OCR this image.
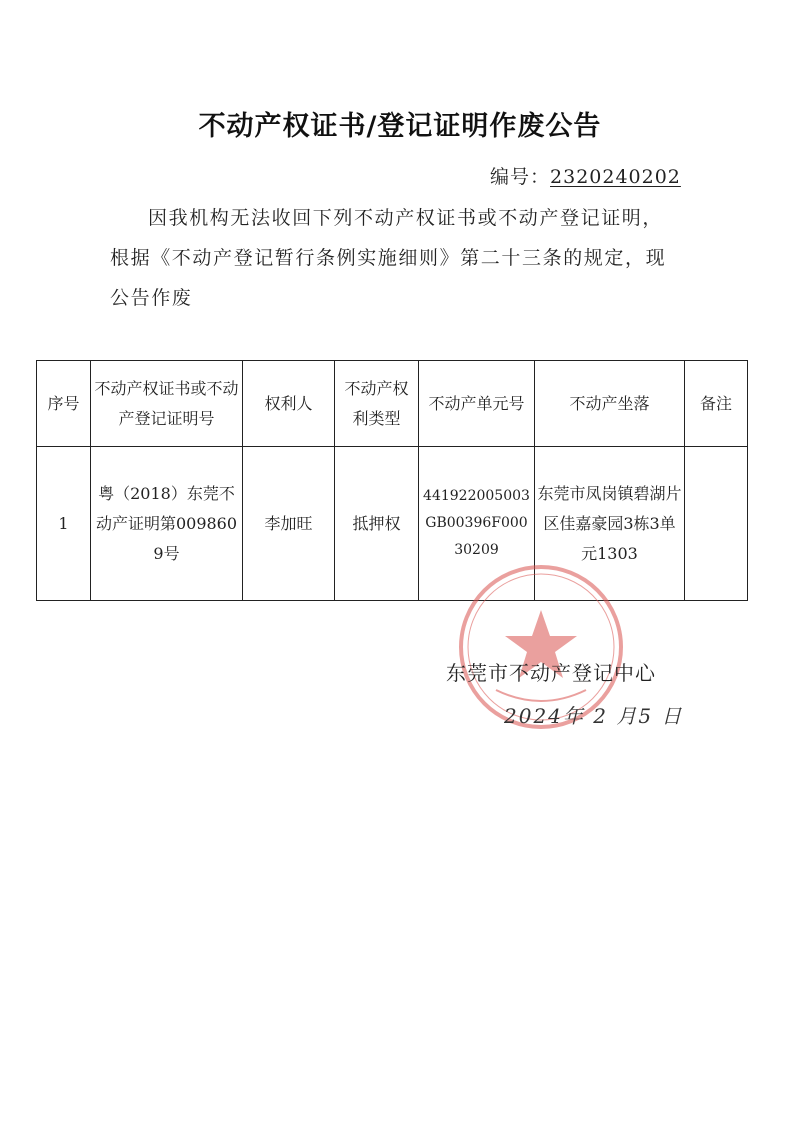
不动产权证书/登记证明作废公告
编号：2320240202
因我机构无法收回下列不动产权证书或不动产登记证明，根据《不动产登记暂行条例实施细则》第二十三条的规定，现公告作废
序号	不动产权证书或不动产登记证明号	权利人	不动产权利类型	不动产单元号	不动产坐落	备注
1	粤（2018）东莞不动产证明第0098609号	李加旺	抵押权	441922005003GB00396F00030209	东莞市凤岗镇碧湖片区佳嘉豪园3栋3单元1303	
东莞市不动产登记中心
2024年 2 月5 日
